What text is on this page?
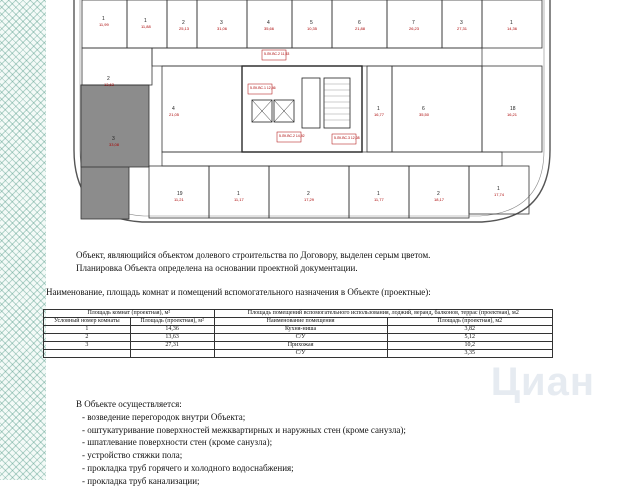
1
11,99
1
11,88
2
25,13
3
31,06
4
35,66
5
10,35
6
21,88
7
26,23
3
27,31
1
14,36
2
13,63
3
33,08
4
21,05
6
35,50
18
16,21
19
11,21
1
11,17
2
17,29
1
11,77
2
18,17
1
17,74
1
16,77
5.ЛК.ВС.2 11,53
5.ЛК.ВС.1 12,46
5.ЛК.ВС.2 14,92	5.ЛК.ВС.3 12,08
Объект, являющийся объектом долевого строительства по Договору, выделен серым цветом.
Планировка Объекта определена на основании проектной документации.
Наименование, площадь комнат и помещений вспомогательного назначения в Объекте (проектные):
Площадь комнат (проектная), м²		Площадь помещений вспомогательного использования, лоджий, веранд, балконов, террас (проектная), м2	
Условный номер комнаты	Площадь (проектная), м²	Наименование помещения	Площадь (проектная), м2
1	14,36	Кухня-ниша	3,82
2	13,63	С/У	5,12
3	27,31	Прихожая	10,2
		С/У	3,35
Циан
В Объекте осуществляется:
- возведение перегородок внутри Объекта;
- оштукатуривание поверхностей межквартирных и наружных стен (кроме санузла);
- шпатлевание поверхности стен (кроме санузла);
- устройство стяжки пола;
- прокладка труб горячего и холодного водоснабжения;
- прокладка труб канализации;
